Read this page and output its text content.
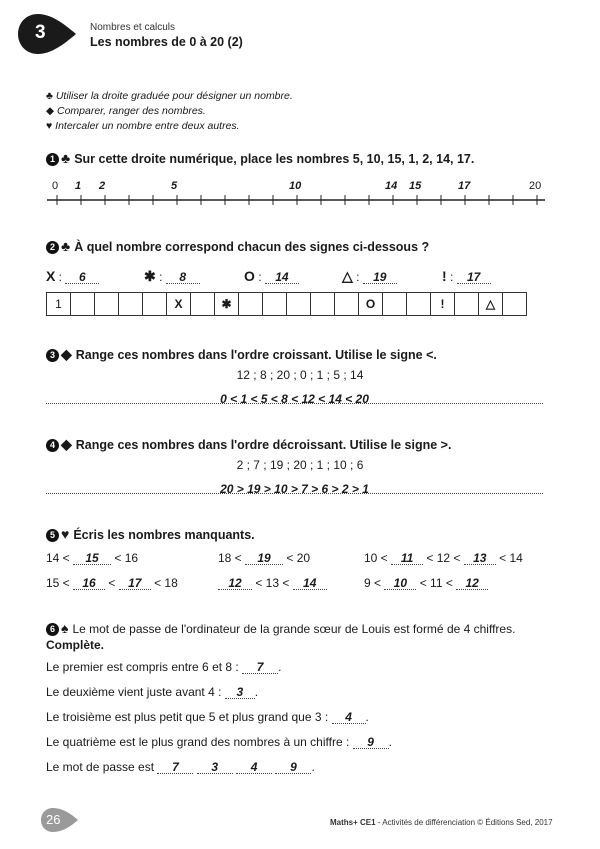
3	Nombres et calculs
Les nombres de 0 à 20 (2)
♣ Utiliser la droite graduée pour désigner un nombre.
◆ Comparer, ranger des nombres.
♥ Intercaler un nombre entre deux autres.
1 ♣ Sur cette droite numérique, place les nombres 5, 10, 15, 1, 2, 14, 17.
0 1 2	5	10	14 15	17	20
2 ♣ À quel nombre correspond chacun des signes ci-dessous ?
X : 6	✱ : 8	O : 14	△ : 19	! : 17
1					X		✱						O			!		△	
3 ◆ Range ces nombres dans l'ordre croissant. Utilise le signe <.
12 ; 8 ; 20 ; 0 ; 1 ; 5 ; 14
0 < 1 < 5 < 8 < 12 < 14 < 20
4 ◆ Range ces nombres dans l'ordre décroissant. Utilise le signe >.
2 ; 7 ; 19 ; 20 ; 1 ; 10 ; 6
20 > 19 > 10 > 7 > 6 > 2 > 1
5 ♥ Écris les nombres manquants.
14 < 15 < 16	18 < 19 < 20	10 < 11 < 12 < 13 < 14
15 < 16 < 17 < 18	12 < 13 < 14	9 < 10 < 11 < 12
6 ♠ Le mot de passe de l'ordinateur de la grande sœur de Louis est formé de 4 chiffres.
Complète.
Le premier est compris entre 6 et 8 : 7 .
Le deuxième vient juste avant 4 : 3 .
Le troisième est plus petit que 5 et plus grand que 3 : 4 .
Le quatrième est le plus grand des nombres à un chiffre : 9 .
Le mot de passe est 7	3	4	9 .
26	Maths+ CE1 - Activités de différenciation © Éditions Sed, 2017
